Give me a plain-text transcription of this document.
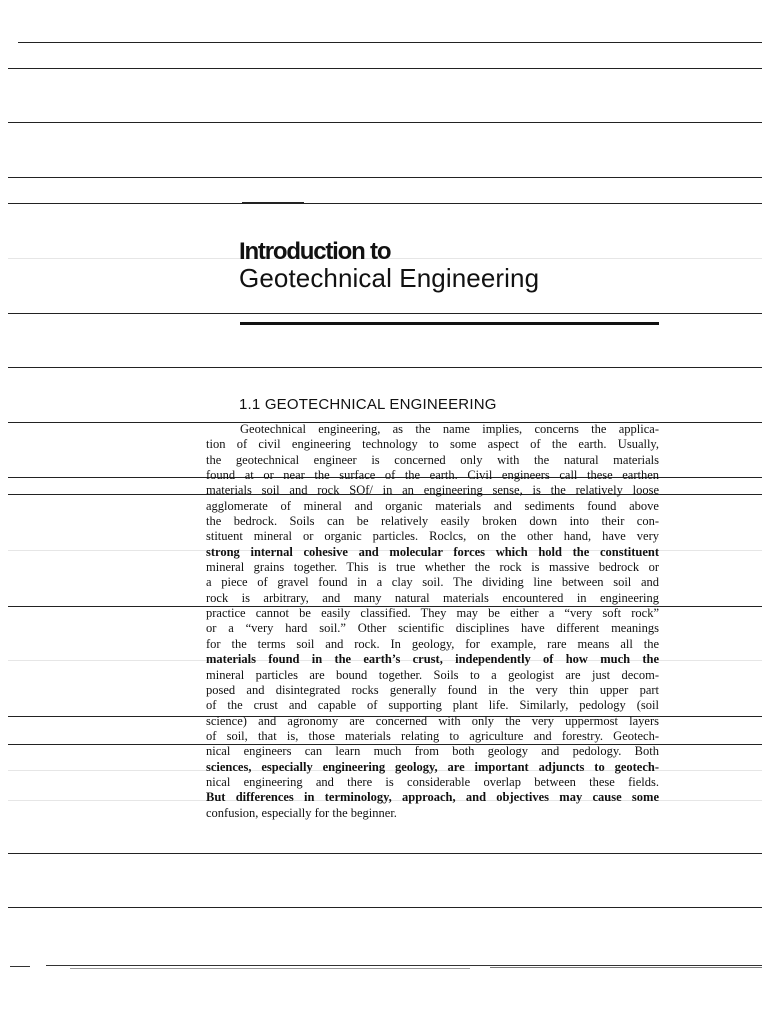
Introduction to

Geotechnical Engineering

1.1 GEOTECHNICAL ENGINEERING
Geotechnical engineering, as the name implies, concerns the applica-
tion of civil engineering technology to some aspect of the earth. Usually,
the geotechnical engineer is concerned only with the natural materials
found at or near the surface of the earth. Civil engineers call these earthen
materials soil and rock SOf/ in an engineering sense, is the relatively loose
agglomerate of mineral and organic materials and sediments found above
the bedrock. Soils can be relatively easily broken down into their con-
stituent mineral or organic particles. Roclcs, on the other hand, have very
strong internal cohesive and molecular forces which hold the constituent
mineral grains together. This is true whether the rock is massive bedrock or
a piece of gravel found in a clay soil. The dividing line between soil and
rock is arbitrary, and many natural materials encountered in engineering
practice cannot be easily classified. They may be either a “very soft rock”
or a “very hard soil.” Other scientific disciplines have different meanings
for the terms soil and rock. In geology, for example, rare means all the
materials found in the earth’s crust, independently of how much the
mineral particles are bound together. Soils to a geologist are just decom-
posed and disintegrated rocks generally found in the very thin upper part
of the crust and capable of supporting plant life. Similarly, pedology (soil
science) and agronomy are concerned with only the very uppermost layers
of soil, that is, those materials relating to agriculture and forestry. Geotech-
nical engineers can learn much from both geology and pedology. Both
sciences, especially engineering geology, are important adjuncts to geotech-
nical engineering and there is considerable overlap between these fields.
But differences in terminology, approach, and objectives may cause some
confusion, especially for the beginner.
